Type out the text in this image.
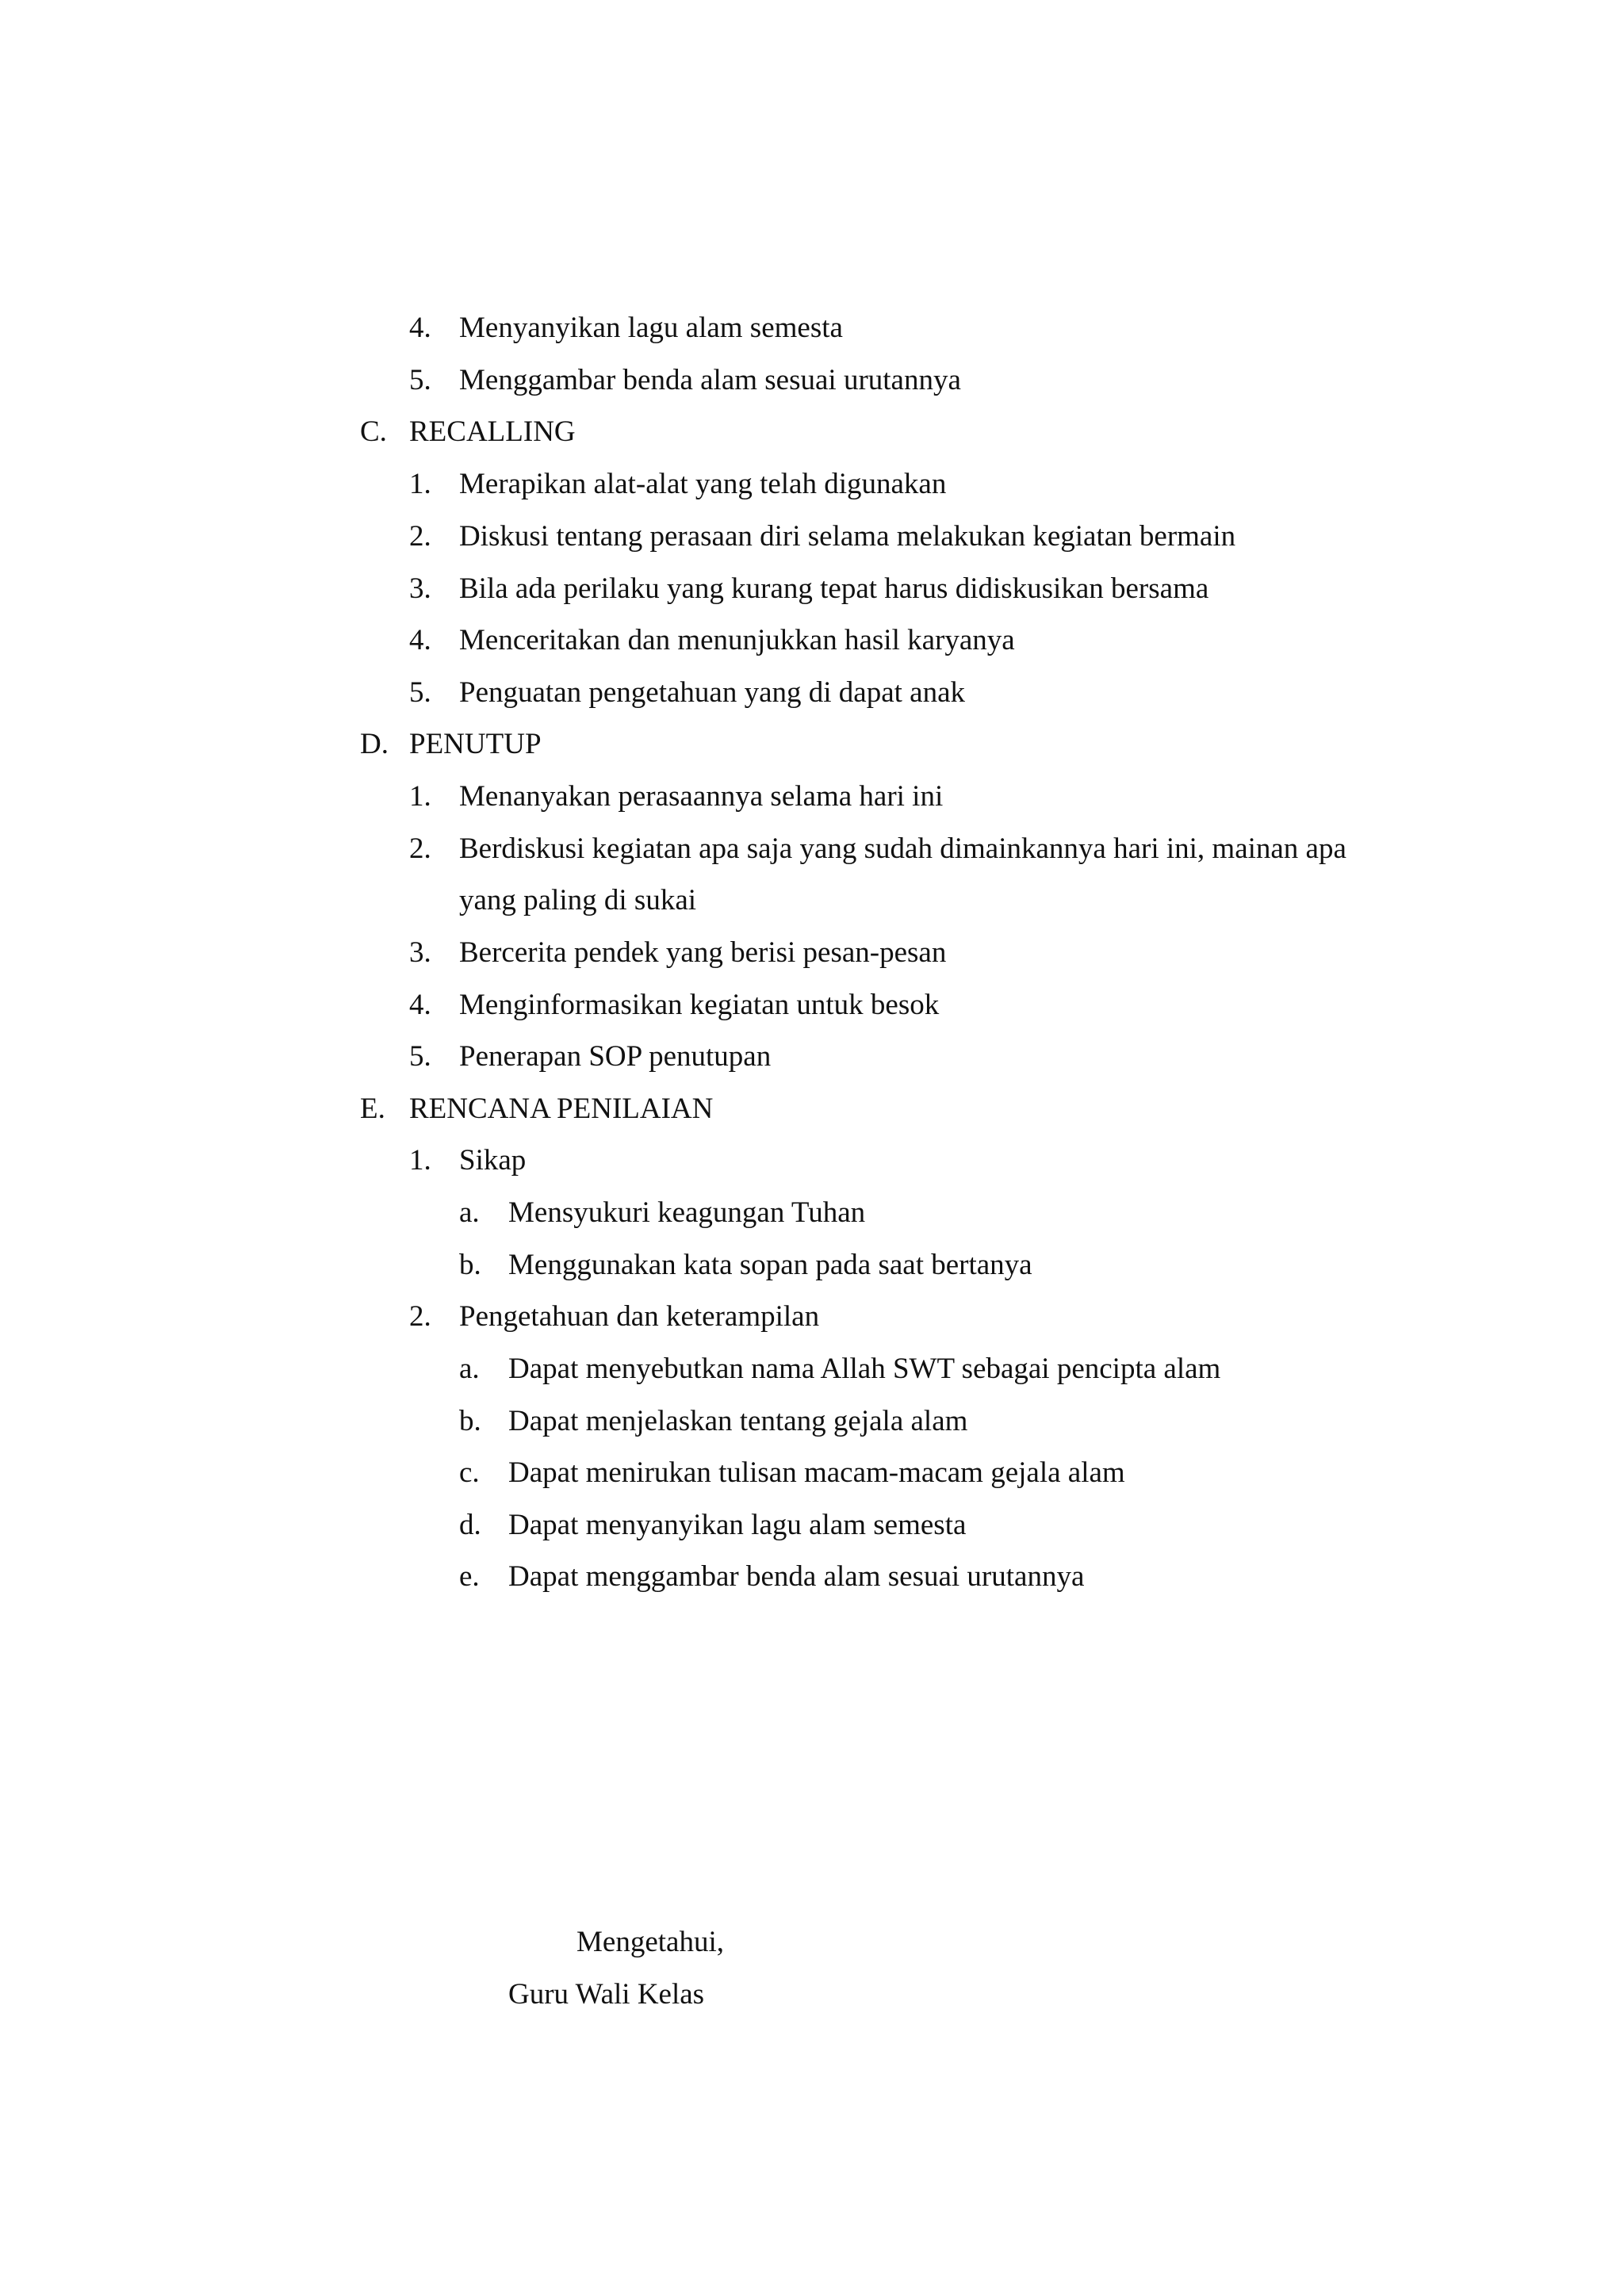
4. Menyanyikan lagu alam semesta
5. Menggambar benda alam sesuai urutannya
C. RECALLING
1. Merapikan alat-alat yang telah digunakan
2. Diskusi tentang perasaan diri selama melakukan kegiatan bermain
3. Bila ada perilaku yang kurang tepat harus didiskusikan bersama
4. Menceritakan dan menunjukkan hasil karyanya
5. Penguatan pengetahuan yang di dapat anak
D. PENUTUP
1. Menanyakan perasaannya selama hari ini
2. Berdiskusi kegiatan apa saja yang sudah dimainkannya hari ini, mainan apa
yang paling di sukai
3. Bercerita pendek yang berisi pesan-pesan
4. Menginformasikan kegiatan untuk besok
5. Penerapan SOP penutupan
E. RENCANA PENILAIAN
1. Sikap
a. Mensyukuri keagungan Tuhan
b. Menggunakan kata sopan pada saat bertanya
2. Pengetahuan dan keterampilan
a. Dapat menyebutkan nama Allah SWT sebagai pencipta alam
b. Dapat menjelaskan tentang gejala alam
c. Dapat menirukan tulisan macam-macam gejala alam
d. Dapat menyanyikan lagu alam semesta
e. Dapat menggambar benda alam sesuai urutannya
Mengetahui,
Guru Wali Kelas
